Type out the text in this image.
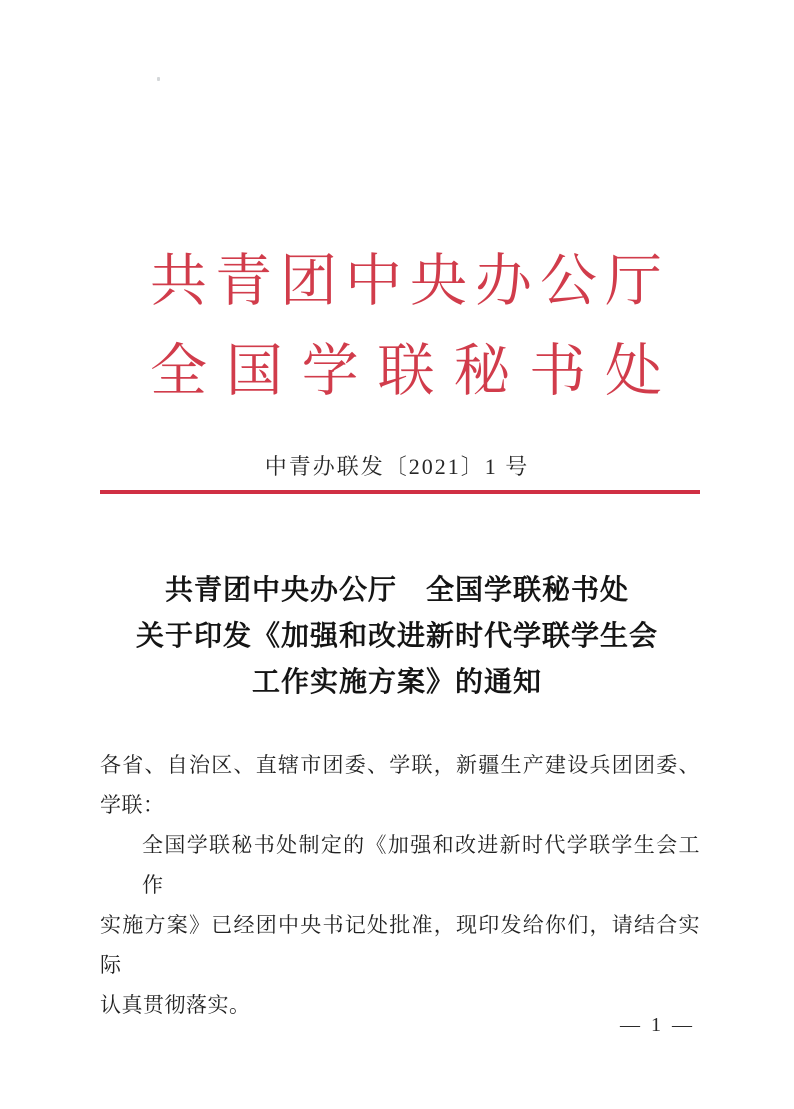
共 青 团 中 央 办 公 厅
全 国 学 联 秘 书 处
中青办联发〔2021〕1 号
共青团中央办公厅　全国学联秘书处
关于印发《加强和改进新时代学联学生会
工作实施方案》的通知
各省、自治区、直辖市团委、学联，新疆生产建设兵团团委、
学联：
全国学联秘书处制定的《加强和改进新时代学联学生会工作
实施方案》已经团中央书记处批准，现印发给你们，请结合实际
认真贯彻落实。
— 1 —
